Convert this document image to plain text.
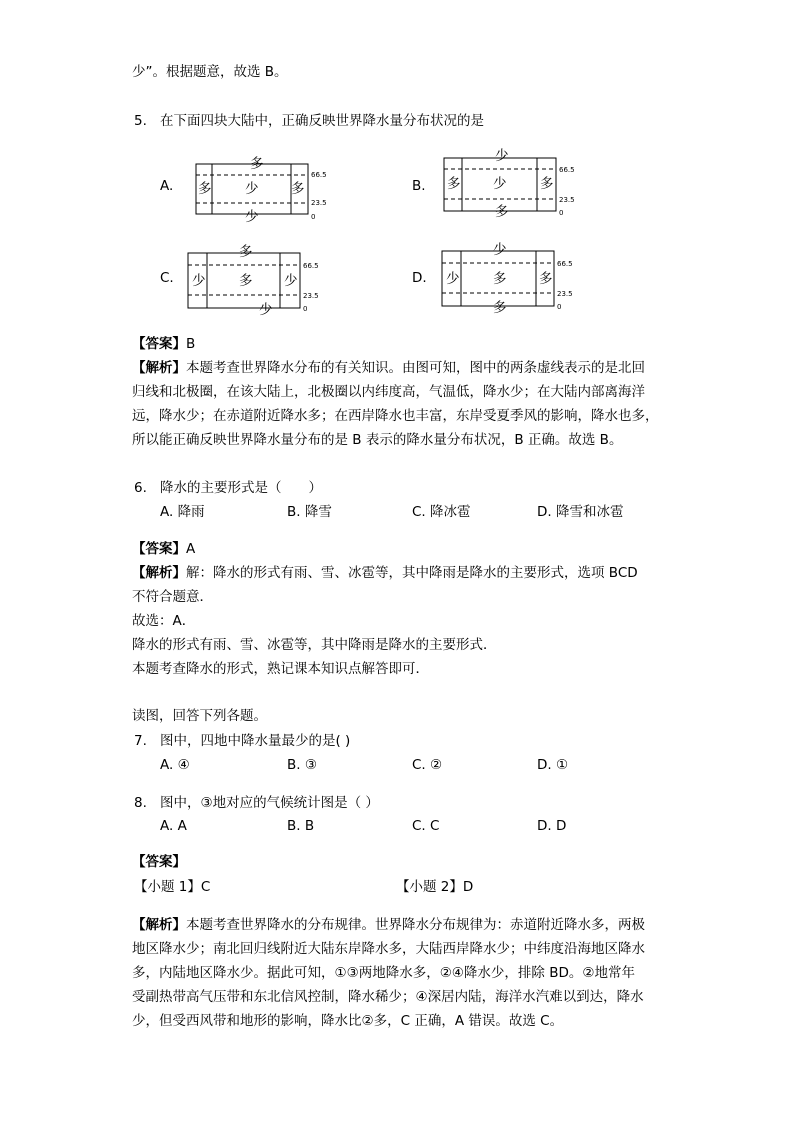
少”。根据题意，故选 B。
5. 在下面四块大陆中，正确反映世界降水量分布状况的是
A.
多
多 少 多
少
66.5
23.5
0
B.
少
多 少 多
多
66.5
23.5
0
C.
多
少 多 少
少
66.5
23.5
0
D.
少
少 多 多
多
66.5
23.5
0
【答案】B
【解析】本题考查世界降水分布的有关知识。由图可知，图中的两条虚线表示的是北回
归线和北极圈，在该大陆上，北极圈以内纬度高，气温低，降水少；在大陆内部离海洋
远，降水少；在赤道附近降水多；在西岸降水也丰富，东岸受夏季风的影响，降水也多，
所以能正确反映世界降水量分布的是 B 表示的降水量分布状况，B 正确。故选 B。
6. 降水的主要形式是（　　）
A. 降雨	B. 降雪	C. 降冰雹	D. 降雪和冰雹
【答案】A
【解析】解：降水的形式有雨、雪、冰雹等，其中降雨是降水的主要形式，选项 BCD
不符合题意．
故选：A．
降水的形式有雨、雪、冰雹等，其中降雨是降水的主要形式．
本题考查降水的形式，熟记课本知识点解答即可．
读图，回答下列各题。
7. 图中，四地中降水量最少的是( )
A. ④	B. ③	C. ②	D. ①
8. 图中，③地对应的气候统计图是（ ）
A. A	B. B	C. C	D. D
【答案】
【小题 1】C	【小题 2】D
【解析】本题考查世界降水的分布规律。世界降水分布规律为：赤道附近降水多，两极
地区降水少；南北回归线附近大陆东岸降水多，大陆西岸降水少；中纬度沿海地区降水
多，内陆地区降水少。据此可知，①③两地降水多，②④降水少，排除 BD。②地常年
受副热带高气压带和东北信风控制，降水稀少；④深居内陆，海洋水汽难以到达，降水
少，但受西风带和地形的影响，降水比②多，C 正确，A 错误。故选 C。
